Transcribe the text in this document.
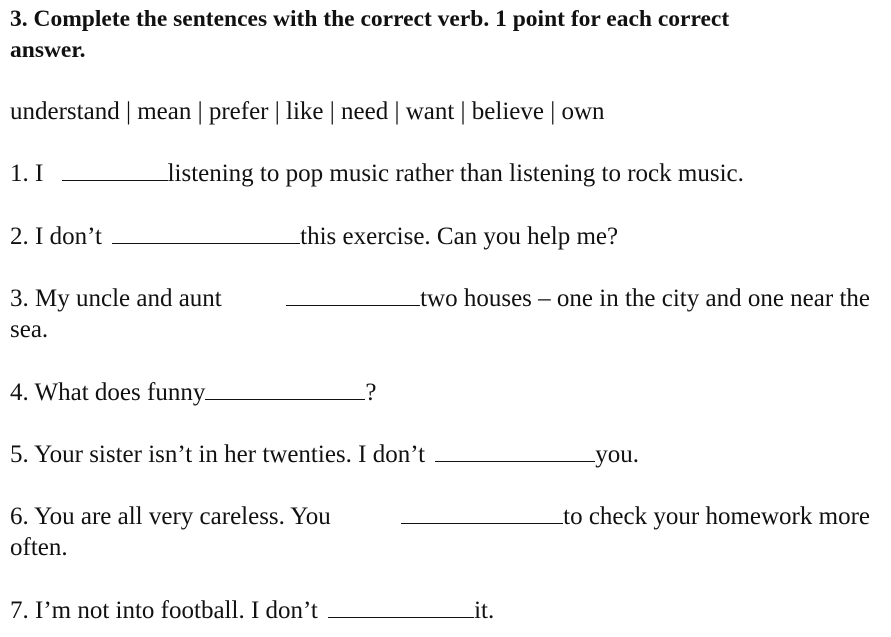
3. Complete the sentences with the correct verb. 1 point for each correct
answer.
understand | mean | prefer | like | need | want | believe | own
1. I	listening to pop music rather than listening to rock music.
2. I don’t	this exercise. Can you help me?
3. My uncle and aunt	two houses – one in the city and one near the
sea.
4. What does funny	?
5. Your sister isn’t in her twenties. I don’t	you.
6. You are all very careless. You	to check your homework more
often.
7. I’m not into football. I don’t	it.
